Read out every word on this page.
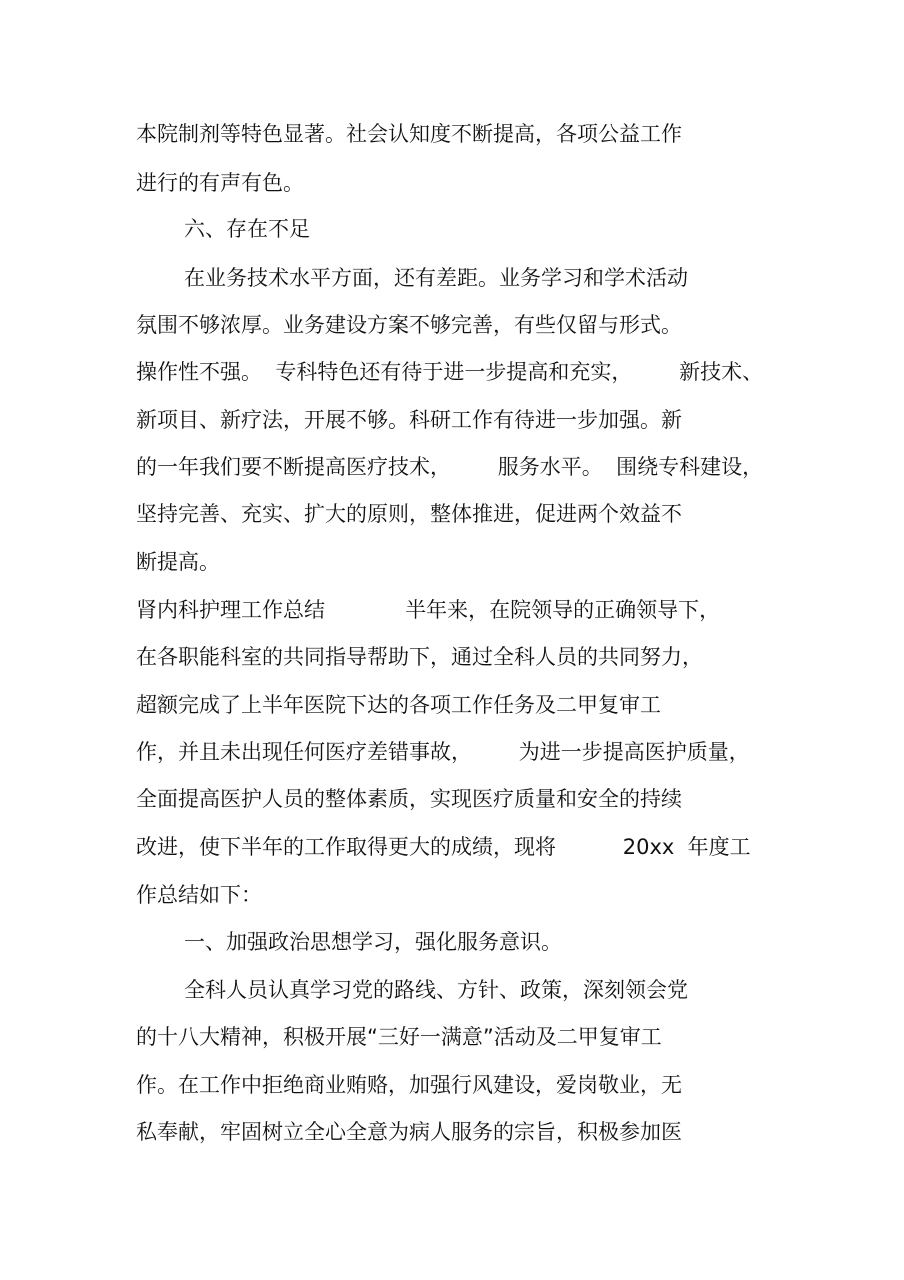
本院制剂等特色显著。社会认知度不断提高，各项公益工作
进行的有声有色。
六、存在不足
在业务技术水平方面，还有差距。业务学习和学术活动
氛围不够浓厚。业务建设方案不够完善，有些仅留与形式。
操作性不强。  专科特色还有待于进一步提高和充实，       新技术、
新项目、新疗法，开展不够。科研工作有待进一步加强。新
的一年我们要不断提高医疗技术，       服务水平。  围绕专科建设，
坚持完善、充实、扩大的原则，整体推进，促进两个效益不
断提高。
肾内科护理工作总结            半年来，在院领导的正确领导下，
在各职能科室的共同指导帮助下，通过全科人员的共同努力，
超额完成了上半年医院下达的各项工作任务及二甲复审工
作，并且未出现任何医疗差错事故，       为进一步提高医护质量，
全面提高医护人员的整体素质，实现医疗质量和安全的持续
改进，使下半年的工作取得更大的成绩，现将          20xx  年度工
作总结如下：
一、加强政治思想学习，强化服务意识。
全科人员认真学习党的路线、方针、政策，深刻领会党
的十八大精神，积极开展“三好一满意”活动及二甲复审工
作。在工作中拒绝商业贿赂，加强行风建设，爱岗敬业，无
私奉献，牢固树立全心全意为病人服务的宗旨，积极参加医
